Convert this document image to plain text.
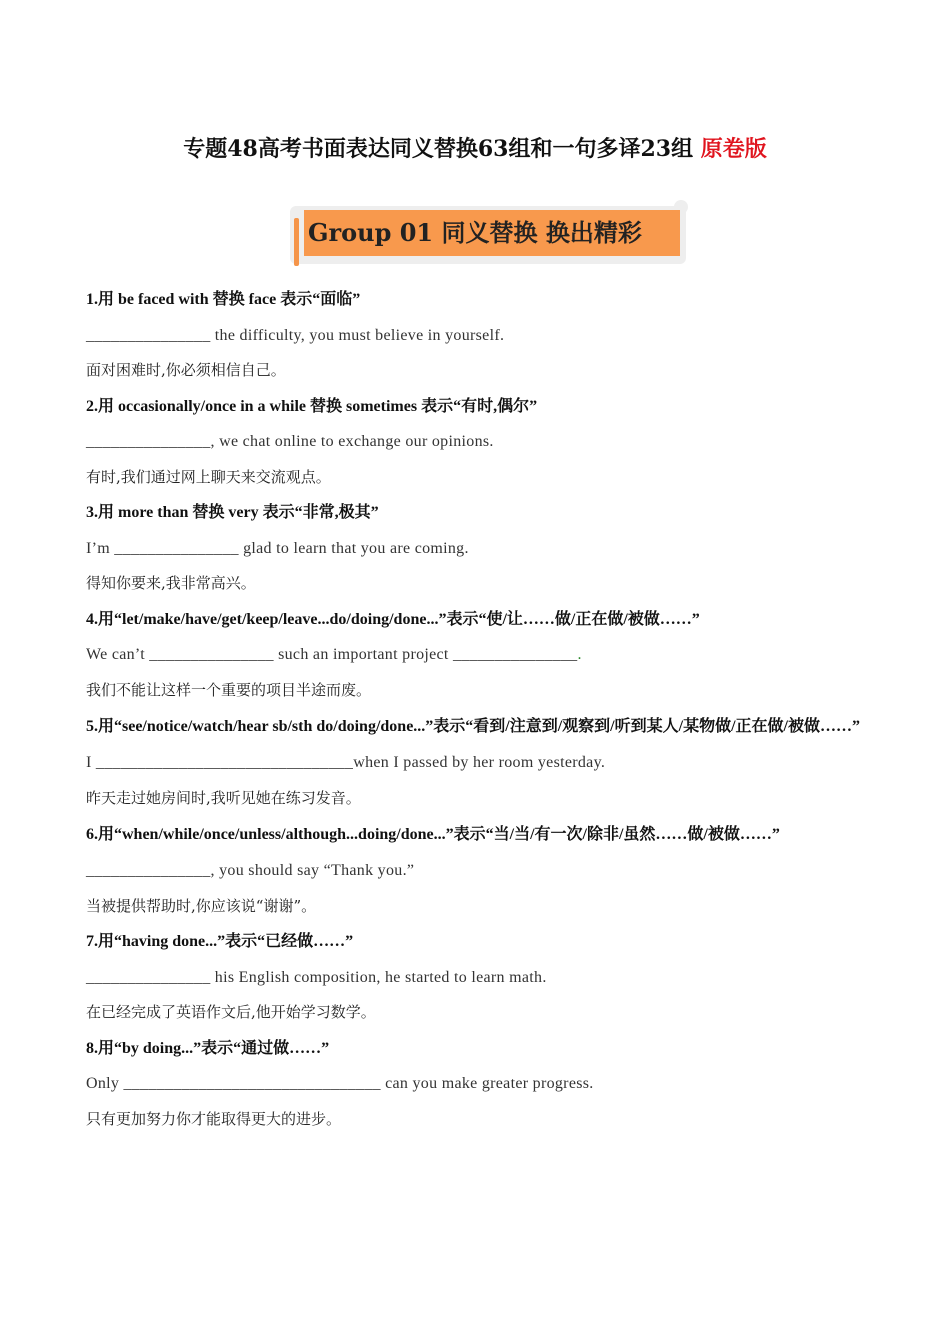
专题48高考书面表达同义替换63组和一句多译23组 原卷版
Group 01 同义替换 换出精彩
1.用 be faced with 替换 face 表示“面临”
_______________ the difficulty, you must believe in yourself.
面对困难时,你必须相信自己。
2.用 occasionally/once in a while 替换 sometimes 表示“有时,偶尔”
_______________, we chat online to exchange our opinions.
有时,我们通过网上聊天来交流观点。
3.用 more than 替换 very 表示“非常,极其”
I’m _______________ glad to learn that you are coming.
得知你要来,我非常高兴。
4.用“let/make/have/get/keep/leave...do/doing/done...”表示“使/让……做/正在做/被做……”
We can’t _______________ such an important project _______________.
我们不能让这样一个重要的项目半途而废。
5.用“see/notice/watch/hear sb/sth do/doing/done...”表示“看到/注意到/观察到/听到某人/某物做/正在做/被做……”
I _______________________________when I passed by her room yesterday.
昨天走过她房间时,我听见她在练习发音。
6.用“when/while/once/unless/although...doing/done...”表示“当/当/有一次/除非/虽然……做/被做……”
_______________, you should say “Thank you.”
当被提供帮助时,你应该说“谢谢”。
7.用“having done...”表示“已经做……”
_______________ his English composition, he started to learn math.
在已经完成了英语作文后,他开始学习数学。
8.用“by doing...”表示“通过做……”
Only _______________________________ can you make greater progress.
只有更加努力你才能取得更大的进步。
